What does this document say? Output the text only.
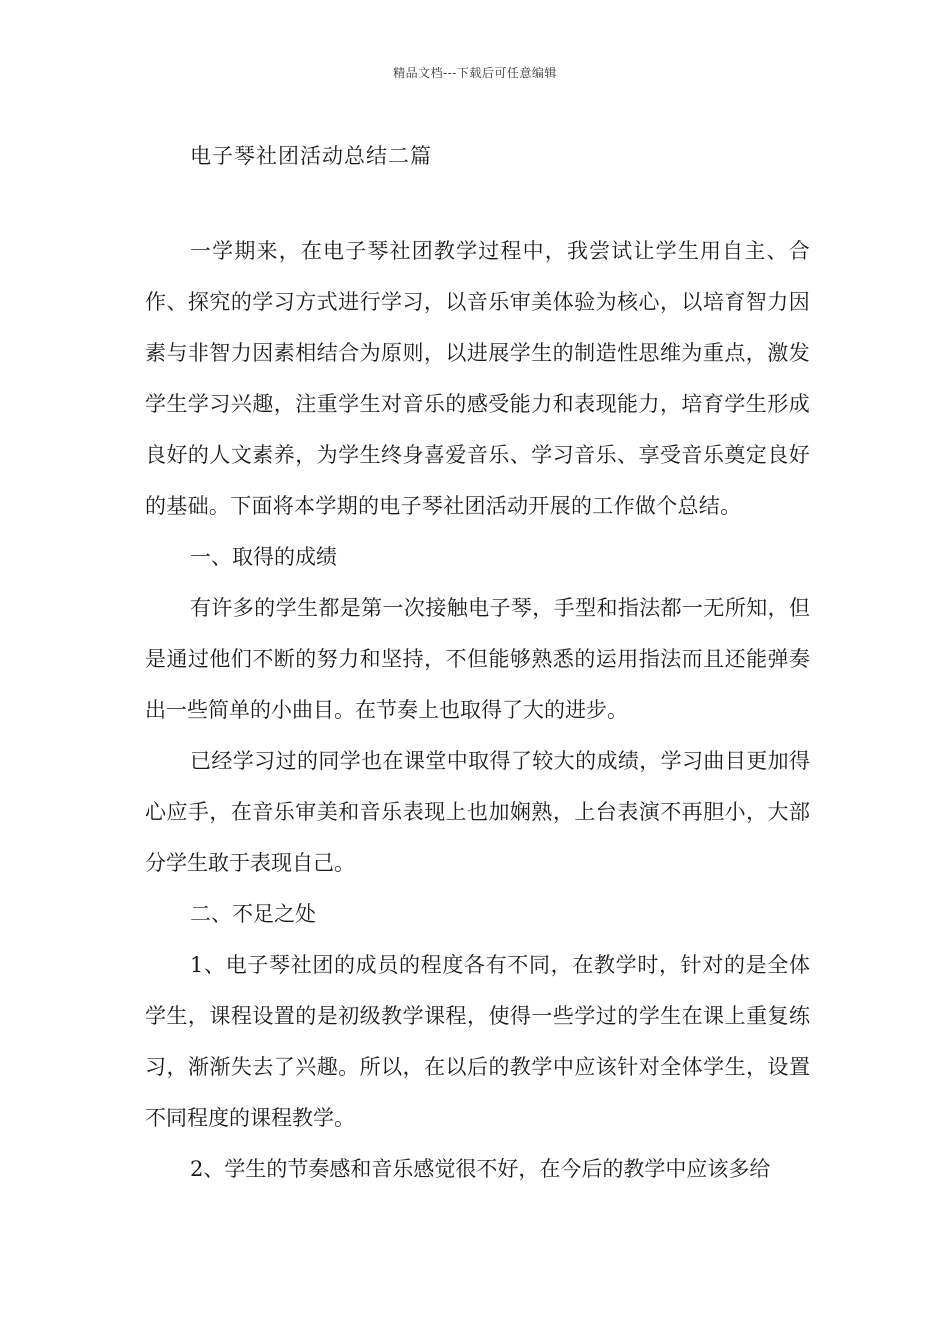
精品文档---下载后可任意编辑
电子琴社团活动总结二篇

一学期来，在电子琴社团教学过程中，我尝试让学生用自主、合作、探究的学习方式进行学习，以音乐审美体验为核心，以培育智力因素与非智力因素相结合为原则，以进展学生的制造性思维为重点，激发学生学习兴趣，注重学生对音乐的感受能力和表现能力，培育学生形成良好的人文素养，为学生终身喜爱音乐、学习音乐、享受音乐奠定良好的基础。下面将本学期的电子琴社团活动开展的工作做个总结。

一、取得的成绩

有许多的学生都是第一次接触电子琴，手型和指法都一无所知，但是通过他们不断的努力和坚持，不但能够熟悉的运用指法而且还能弹奏出一些简单的小曲目。在节奏上也取得了大的进步。

已经学习过的同学也在课堂中取得了较大的成绩，学习曲目更加得心应手，在音乐审美和音乐表现上也加娴熟，上台表演不再胆小，大部分学生敢于表现自己。

二、不足之处

1、电子琴社团的成员的程度各有不同，在教学时，针对的是全体学生，课程设置的是初级教学课程，使得一些学过的学生在课上重复练习，渐渐失去了兴趣。所以，在以后的教学中应该针对全体学生，设置不同程度的课程教学。

2、学生的节奏感和音乐感觉很不好，在今后的教学中应该多给
